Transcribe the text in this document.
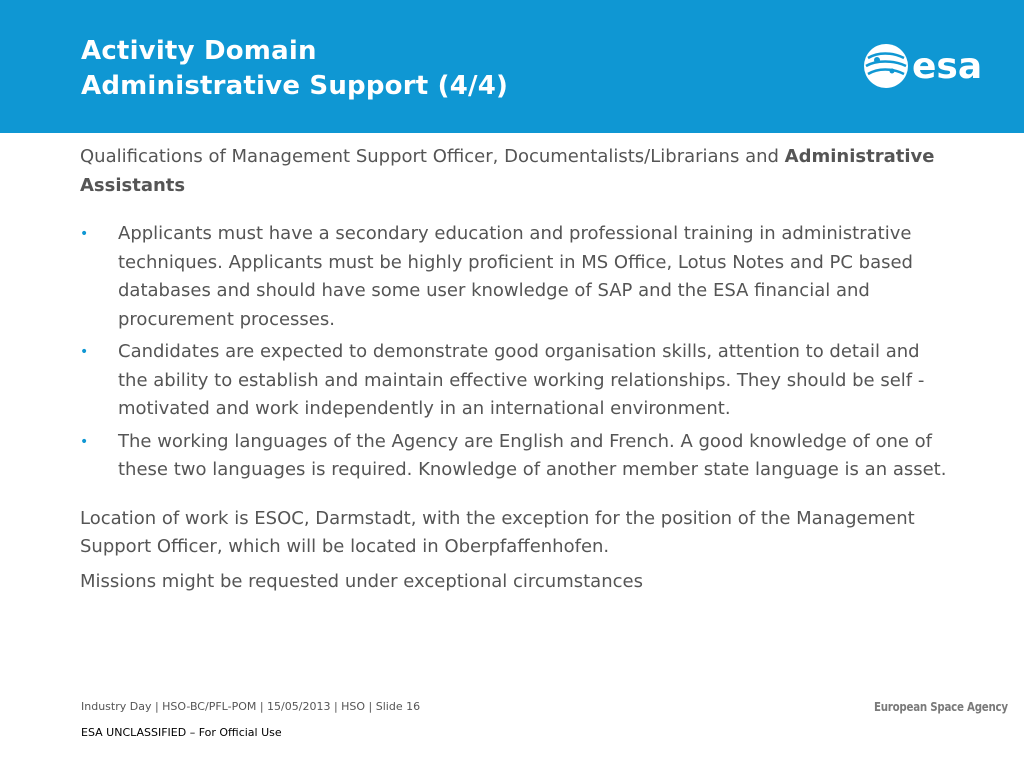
Activity Domain
Administrative Support (4/4)	esa

Qualifications of Management Support Officer, Documentalists/Librarians and Administrative Assistants

• Applicants must have a secondary education and professional training in administrative techniques. Applicants must be highly proficient in MS Office, Lotus Notes and PC based databases and should have some user knowledge of SAP and the ESA financial and procurement processes.
• Candidates are expected to demonstrate good organisation skills, attention to detail and the ability to establish and maintain effective working relationships. They should be self -motivated and work independently in an international environment.
• The working languages of the Agency are English and French. A good knowledge of one of these two languages is required. Knowledge of another member state language is an asset.

Location of work is ESOC, Darmstadt, with the exception for the position of the Management Support Officer, which will be located in Oberpfaffenhofen.

Missions might be requested under exceptional circumstances

Industry Day | HSO-BC/PFL-POM | 15/05/2013 | HSO | Slide 16	European Space Agency
ESA UNCLASSIFIED – For Official Use
